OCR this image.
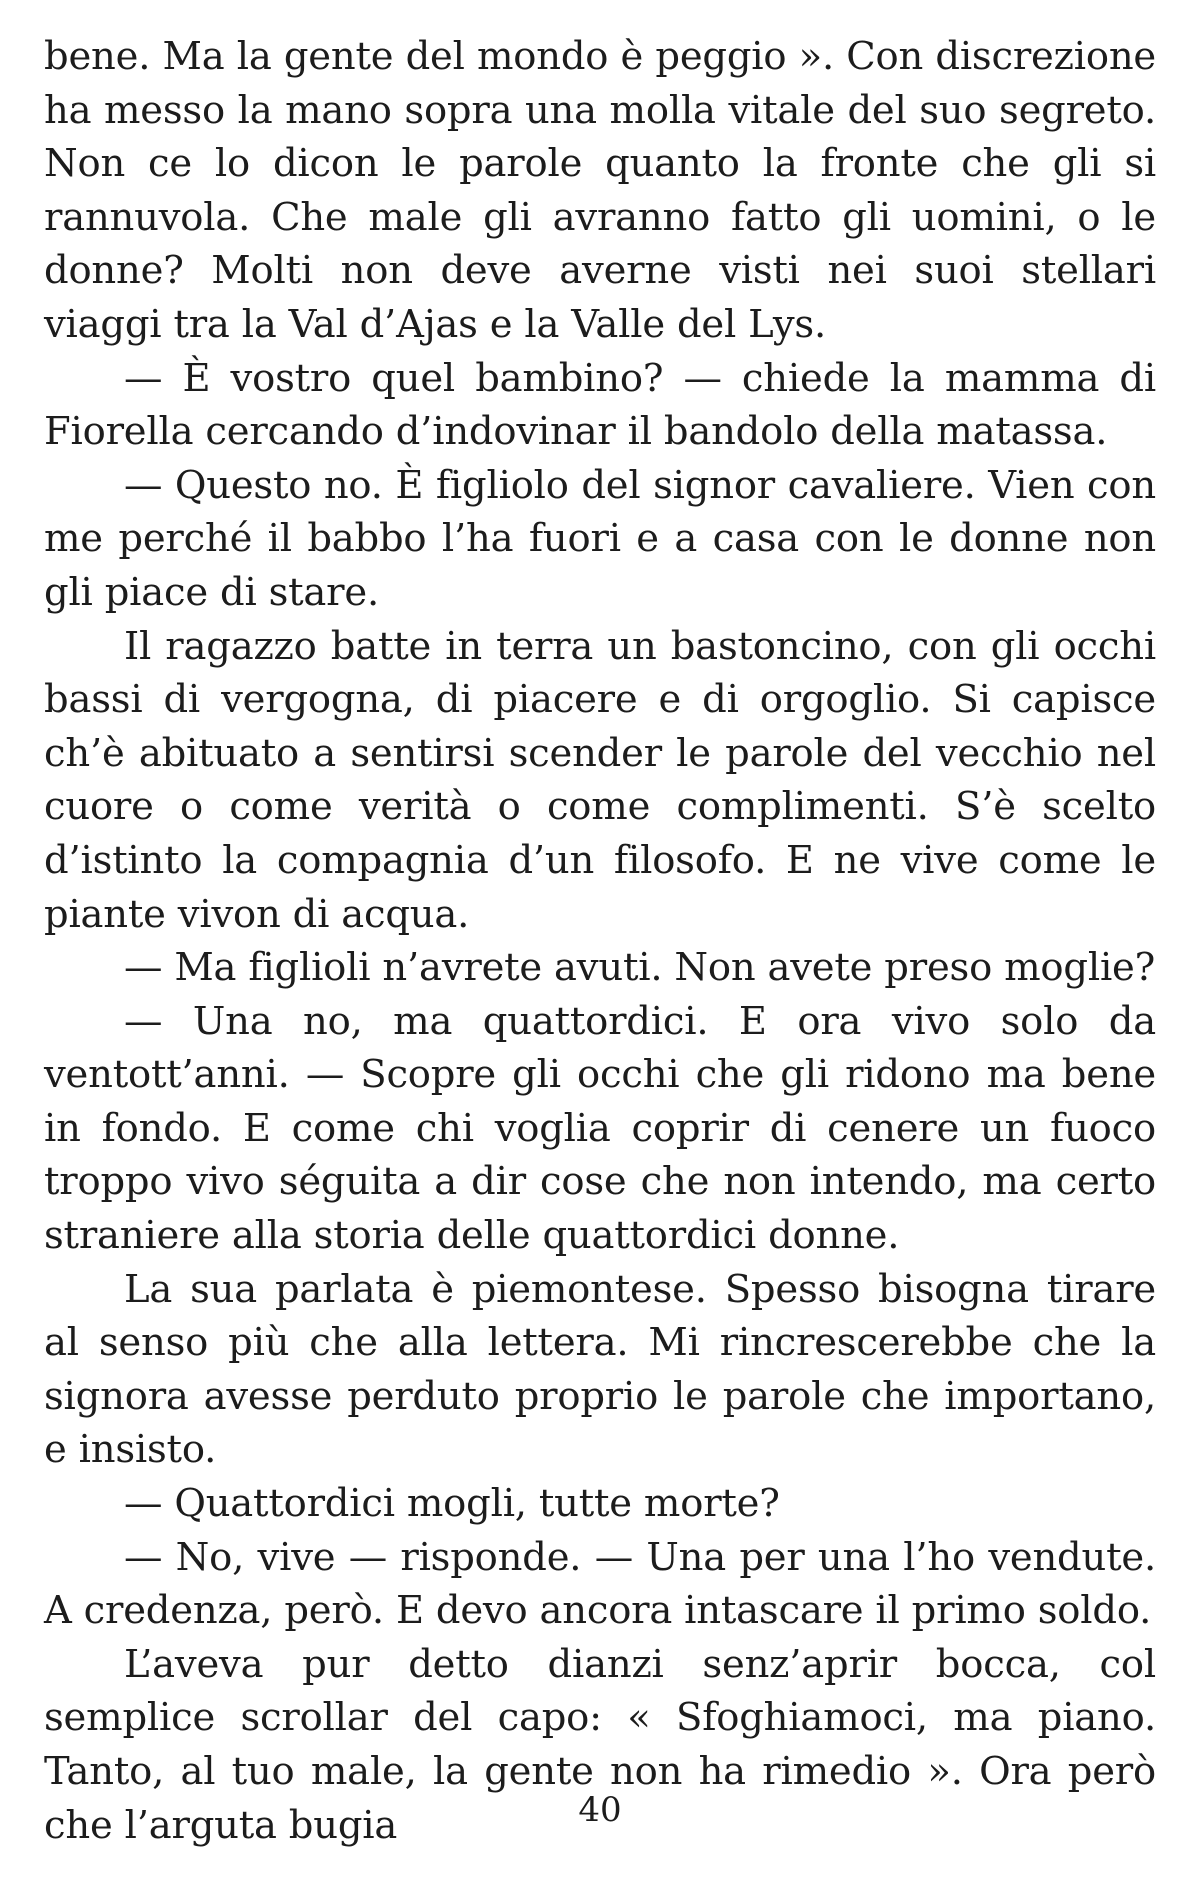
bene. Ma la gente del mondo è peggio ». Con discrezione ha messo la mano sopra una molla vitale del suo segreto. Non ce lo dicon le parole quanto la fronte che gli si rannuvola. Che male gli avranno fatto gli uomini, o le donne? Molti non deve averne visti nei suoi stellari viaggi tra la Val d’Ajas e la Valle del Lys.

— È vostro quel bambino? — chiede la mamma di Fiorella cercando d’indovinar il bandolo della matassa.

— Questo no. È figliolo del signor cavaliere. Vien con me perché il babbo l’ha fuori e a casa con le donne non gli piace di stare.

Il ragazzo batte in terra un bastoncino, con gli occhi bassi di vergogna, di piacere e di orgoglio. Si capisce ch’è abituato a sentirsi scender le parole del vecchio nel cuore o come verità o come complimenti. S’è scelto d’istinto la compagnia d’un filosofo. E ne vive come le piante vivon di acqua.

— Ma figlioli n’avrete avuti. Non avete preso moglie?

— Una no, ma quattordici. E ora vivo solo da ventott’anni. — Scopre gli occhi che gli ridono ma bene in fondo. E come chi voglia coprir di cenere un fuoco troppo vivo séguita a dir cose che non intendo, ma certo straniere alla storia delle quattordici donne.

La sua parlata è piemontese. Spesso bisogna tirare al senso più che alla lettera. Mi rincrescerebbe che la signora avesse perduto proprio le parole che importano, e insisto.

— Quattordici mogli, tutte morte?

— No, vive — risponde. — Una per una l’ho vendute. A credenza, però. E devo ancora intascare il primo soldo.

L’aveva pur detto dianzi senz’aprir bocca, col semplice scrollar del capo: « Sfoghiamoci, ma piano. Tanto, al tuo male, la gente non ha rimedio ». Ora però che l’arguta bugia	40
